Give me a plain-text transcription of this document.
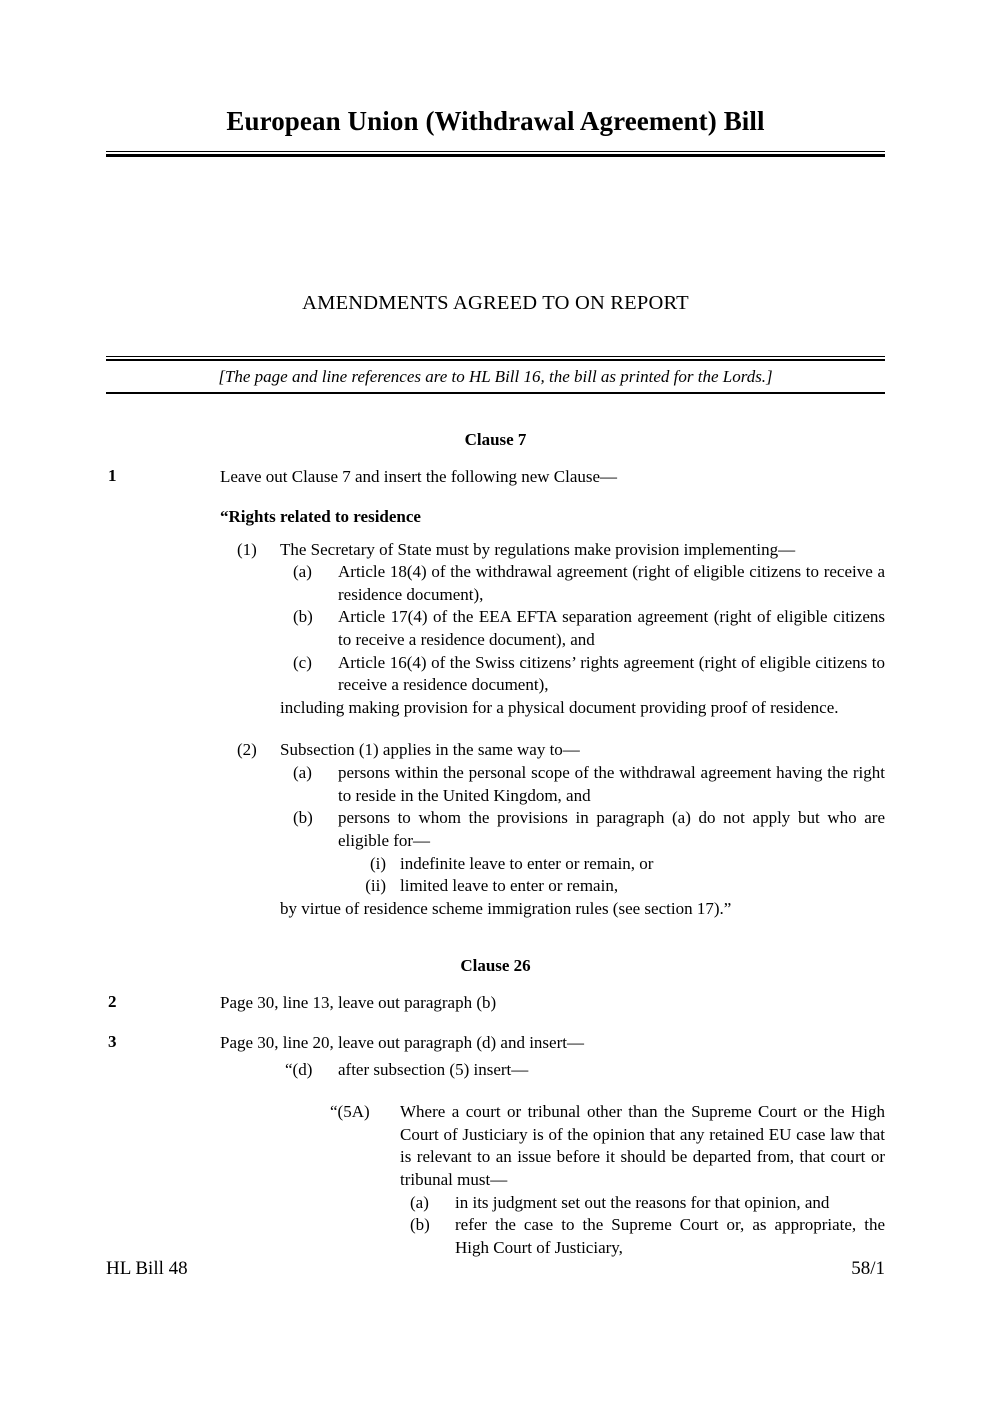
European Union (Withdrawal Agreement) Bill
AMENDMENTS AGREED TO ON REPORT
[The page and line references are to HL Bill 16, the bill as printed for the Lords.]
Clause 7
1	Leave out Clause 7 and insert the following new Clause—
“Rights related to residence
(1)	The Secretary of State must by regulations make provision implementing—
(a)	Article 18(4) of the withdrawal agreement (right of eligible citizens to receive a residence document),
(b)	Article 17(4) of the EEA EFTA separation agreement (right of eligible citizens to receive a residence document), and
(c)	Article 16(4) of the Swiss citizens’ rights agreement (right of eligible citizens to receive a residence document),
including making provision for a physical document providing proof of residence.
(2)	Subsection (1) applies in the same way to—
(a)	persons within the personal scope of the withdrawal agreement having the right to reside in the United Kingdom, and
(b)	persons to whom the provisions in paragraph (a) do not apply but who are eligible for—
(i) indefinite leave to enter or remain, or
(ii) limited leave to enter or remain,
by virtue of residence scheme immigration rules (see section 17).”
Clause 26
2	Page 30, line 13, leave out paragraph (b)
3	Page 30, line 20, leave out paragraph (d) and insert—
“(d) after subsection (5) insert—
“(5A) Where a court or tribunal other than the Supreme Court or the High Court of Justiciary is of the opinion that any retained EU case law that is relevant to an issue before it should be departed from, that court or tribunal must—
(a)	in its judgment set out the reasons for that opinion, and
(b)	refer the case to the Supreme Court or, as appropriate, the High Court of Justiciary,
HL Bill 48	58/1
